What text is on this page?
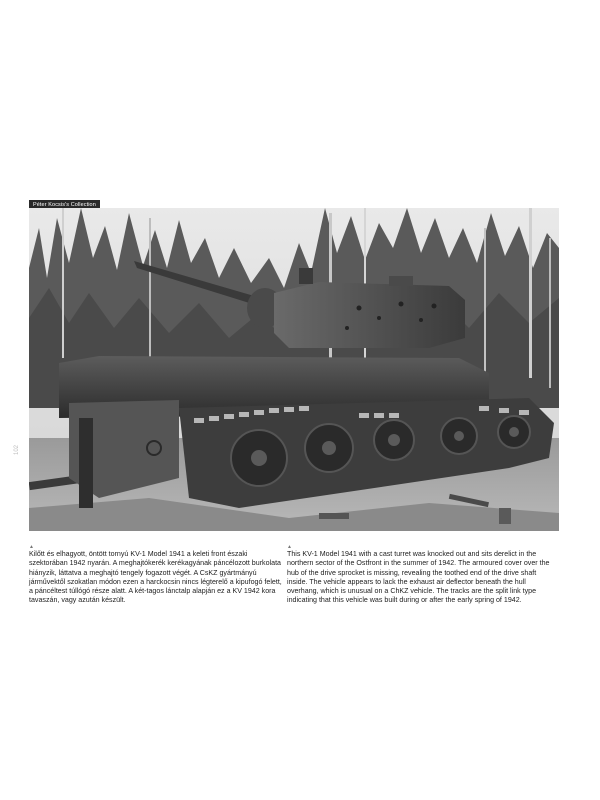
Péter Kocsis's Collection
102
▲
Kilőtt és elhagyott, öntött tornyú KV-1 Model 1941 a keleti front északi szektorában 1942 nyarán. A meghajtókerék kerékagyának páncélozott burkolata hiányzik, láttatva a meghajtó tengely fogazott végét. A CsKZ gyártmányú járművektől szokatlan módon ezen a harckocsin nincs légterelő a kipufogó felett, a páncéltest túllógó része alatt. A két-tagos lánctalp alapján ez a KV 1942 kora tavaszán, vagy azután készült.
▲
This KV-1 Model 1941 with a cast turret was knocked out and sits derelict in the northern sector of the Ostfront in the summer of 1942. The armoured cover over the hub of the drive sprocket is missing, revealing the toothed end of the drive shaft inside. The vehicle appears to lack the exhaust air deflector beneath the hull overhang, which is unusual on a ChKZ vehicle. The tracks are the split link type indicating that this vehicle was built during or after the early spring of 1942.
